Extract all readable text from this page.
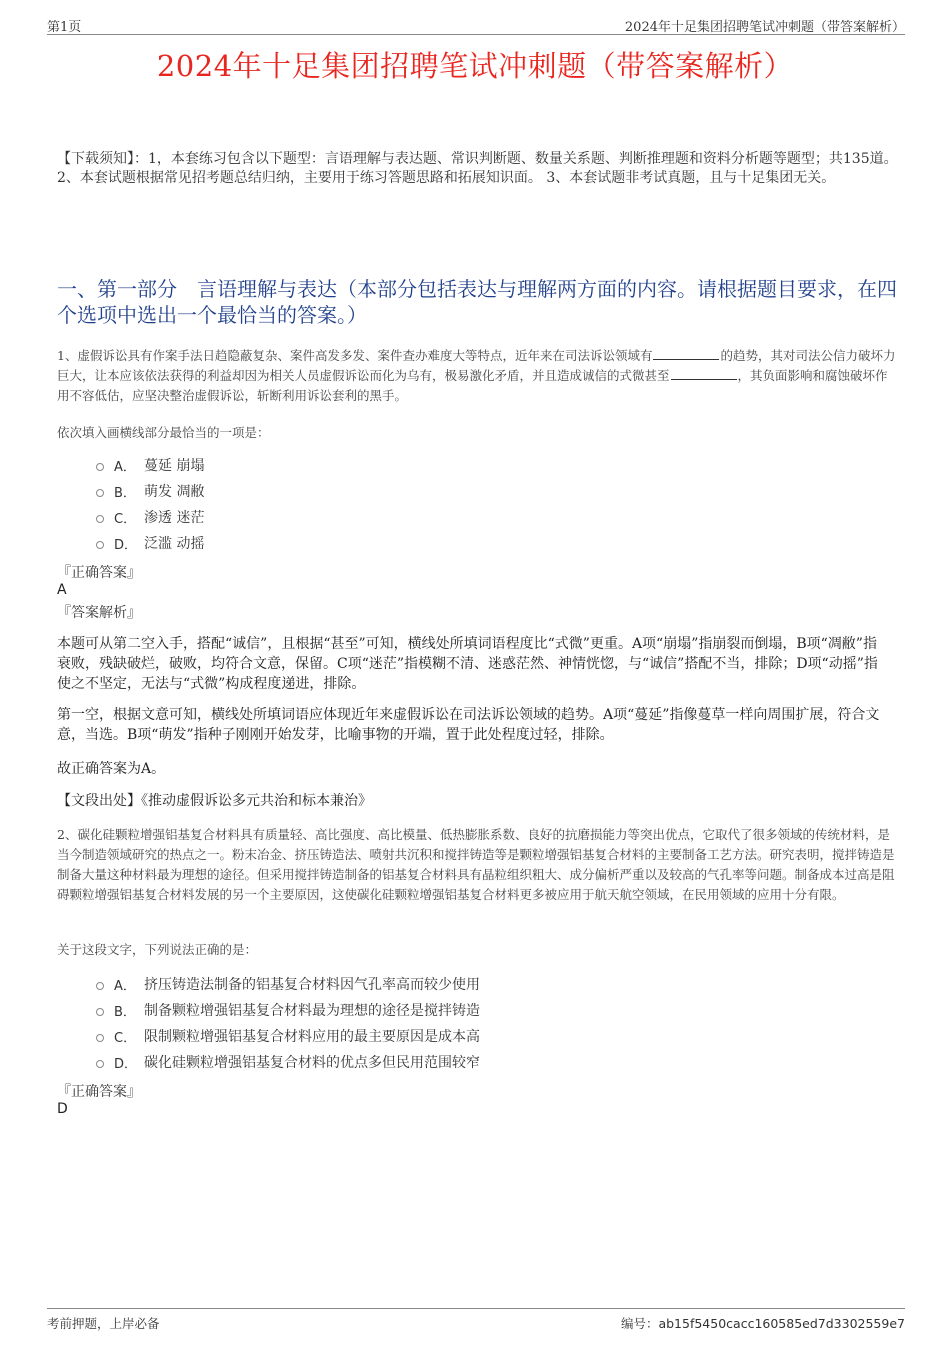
第1页	2024年十足集团招聘笔试冲刺题（带答案解析）
2024年十足集团招聘笔试冲刺题（带答案解析）
【下载须知】：1，本套练习包含以下题型：言语理解与表达题、常识判断题、数量关系题、判断推理题和资料分析题等题型；共135道。 2、本套试题根据常见招考题总结归纳，主要用于练习答题思路和拓展知识面。 3、本套试题非考试真题，且与十足集团无关。
一、第一部分　言语理解与表达（本部分包括表达与理解两方面的内容。请根据题目要求，在四个选项中选出一个最恰当的答案。）
1、虚假诉讼具有作案手法日趋隐蔽复杂、案件高发多发、案件查办难度大等特点，近年来在司法诉讼领域有	的趋势，其对司法公信力破坏力巨大，让本应该依法获得的利益却因为相关人员虚假诉讼而化为乌有，极易激化矛盾，并且造成诚信的式微甚至	，其负面影响和腐蚀破坏作用不容低估，应坚决整治虚假诉讼，斩断利用诉讼套利的黑手。
依次填入画横线部分最恰当的一项是：
A． 蔓延 崩塌
B． 萌发 凋敝
C． 渗透 迷茫
D． 泛滥 动摇
『正确答案』
A
『答案解析』

本题可从第二空入手，搭配“诚信”，且根据“甚至”可知，横线处所填词语程度比“式微”更重。A项“崩塌”指崩裂而倒塌，B项“凋敝”指衰败，残缺破烂，破败，均符合文意，保留。C项“迷茫”指模糊不清、迷惑茫然、神情恍惚，与“诚信”搭配不当，排除；D项“动摇”指使之不坚定，无法与“式微”构成程度递进，排除。

第一空，根据文意可知，横线处所填词语应体现近年来虚假诉讼在司法诉讼领域的趋势。A项“蔓延”指像蔓草一样向周围扩展，符合文意，当选。B项“萌发”指种子刚刚开始发芽，比喻事物的开端，置于此处程度过轻，排除。

故正确答案为A。

【文段出处】《推动虚假诉讼多元共治和标本兼治》

2、碳化硅颗粒增强铝基复合材料具有质量轻、高比强度、高比模量、低热膨胀系数、良好的抗磨损能力等突出优点，它取代了很多领域的传统材料，是当今制造领域研究的热点之一。粉末冶金、挤压铸造法、喷射共沉积和搅拌铸造等是颗粒增强铝基复合材料的主要制备工艺方法。研究表明，搅拌铸造是制备大量这种材料最为理想的途径。但采用搅拌铸造制备的铝基复合材料具有晶粒组织粗大、成分偏析严重以及较高的气孔率等问题。制备成本过高是阻碍颗粒增强铝基复合材料发展的另一个主要原因，这使碳化硅颗粒增强铝基复合材料更多被应用于航天航空领域，在民用领域的应用十分有限。
关于这段文字，下列说法正确的是：
A． 挤压铸造法制备的铝基复合材料因气孔率高而较少使用
B． 制备颗粒增强铝基复合材料最为理想的途径是搅拌铸造
C． 限制颗粒增强铝基复合材料应用的最主要原因是成本高
D． 碳化硅颗粒增强铝基复合材料的优点多但民用范围较窄
『正确答案』
D
考前押题，上岸必备	编号：ab15f5450cacc160585ed7d3302559e7
